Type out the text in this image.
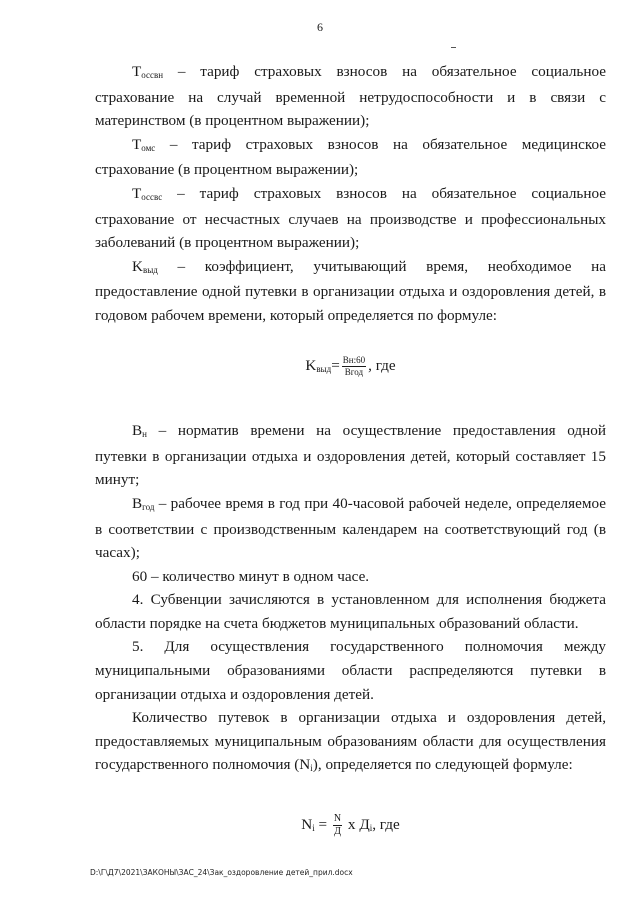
6

Tоссвн – тариф страховых взносов на обязательное социальное страхование на случай временной нетрудоспособности и в связи с материнством (в процентном выражении);

Tомс – тариф страховых взносов на обязательное медицинское страхование (в процентном выражении);

Tоссвс – тариф страховых взносов на обязательное социальное страхование от несчастных случаев на производстве и профессиональных заболеваний (в процентном выражении);

Kвыд – коэффициент, учитывающий время, необходимое на предоставление одной путевки в организации отдыха и оздоровления детей, в годовом рабочем времени, который определяется по формуле:

Kвыд= $\frac{Вн:60}{\text{Вгод}}$ , где

Bн – норматив времени на осуществление предоставления одной путевки в организации отдыха и оздоровления детей, который составляет 15 минут;

Bгод – рабочее время в год при 40-часовой рабочей неделе, определяемое в соответствии с производственным календарем на соответствующий год (в часах);

60 – количество минут в одном часе.

4. Субвенции зачисляются в установленном для исполнения бюджета области порядке на счета бюджетов муниципальных образований области.

5. Для осуществления государственного полномочия между муниципальными образованиями области распределяются путевки в организации отдыха и оздоровления детей.

Количество путевок в организации отдыха и оздоровления детей, предоставляемых муниципальным образованиям области для осуществления государственного полномочия (Ni), определяется по следующей формуле:

$Ni = \frac{N}{Д}$ x Дi, где
D:\Г\Д7\2021\ЗАКОНЫ\ЗАС_24\Зак_оздоровление детей_прил.docx
